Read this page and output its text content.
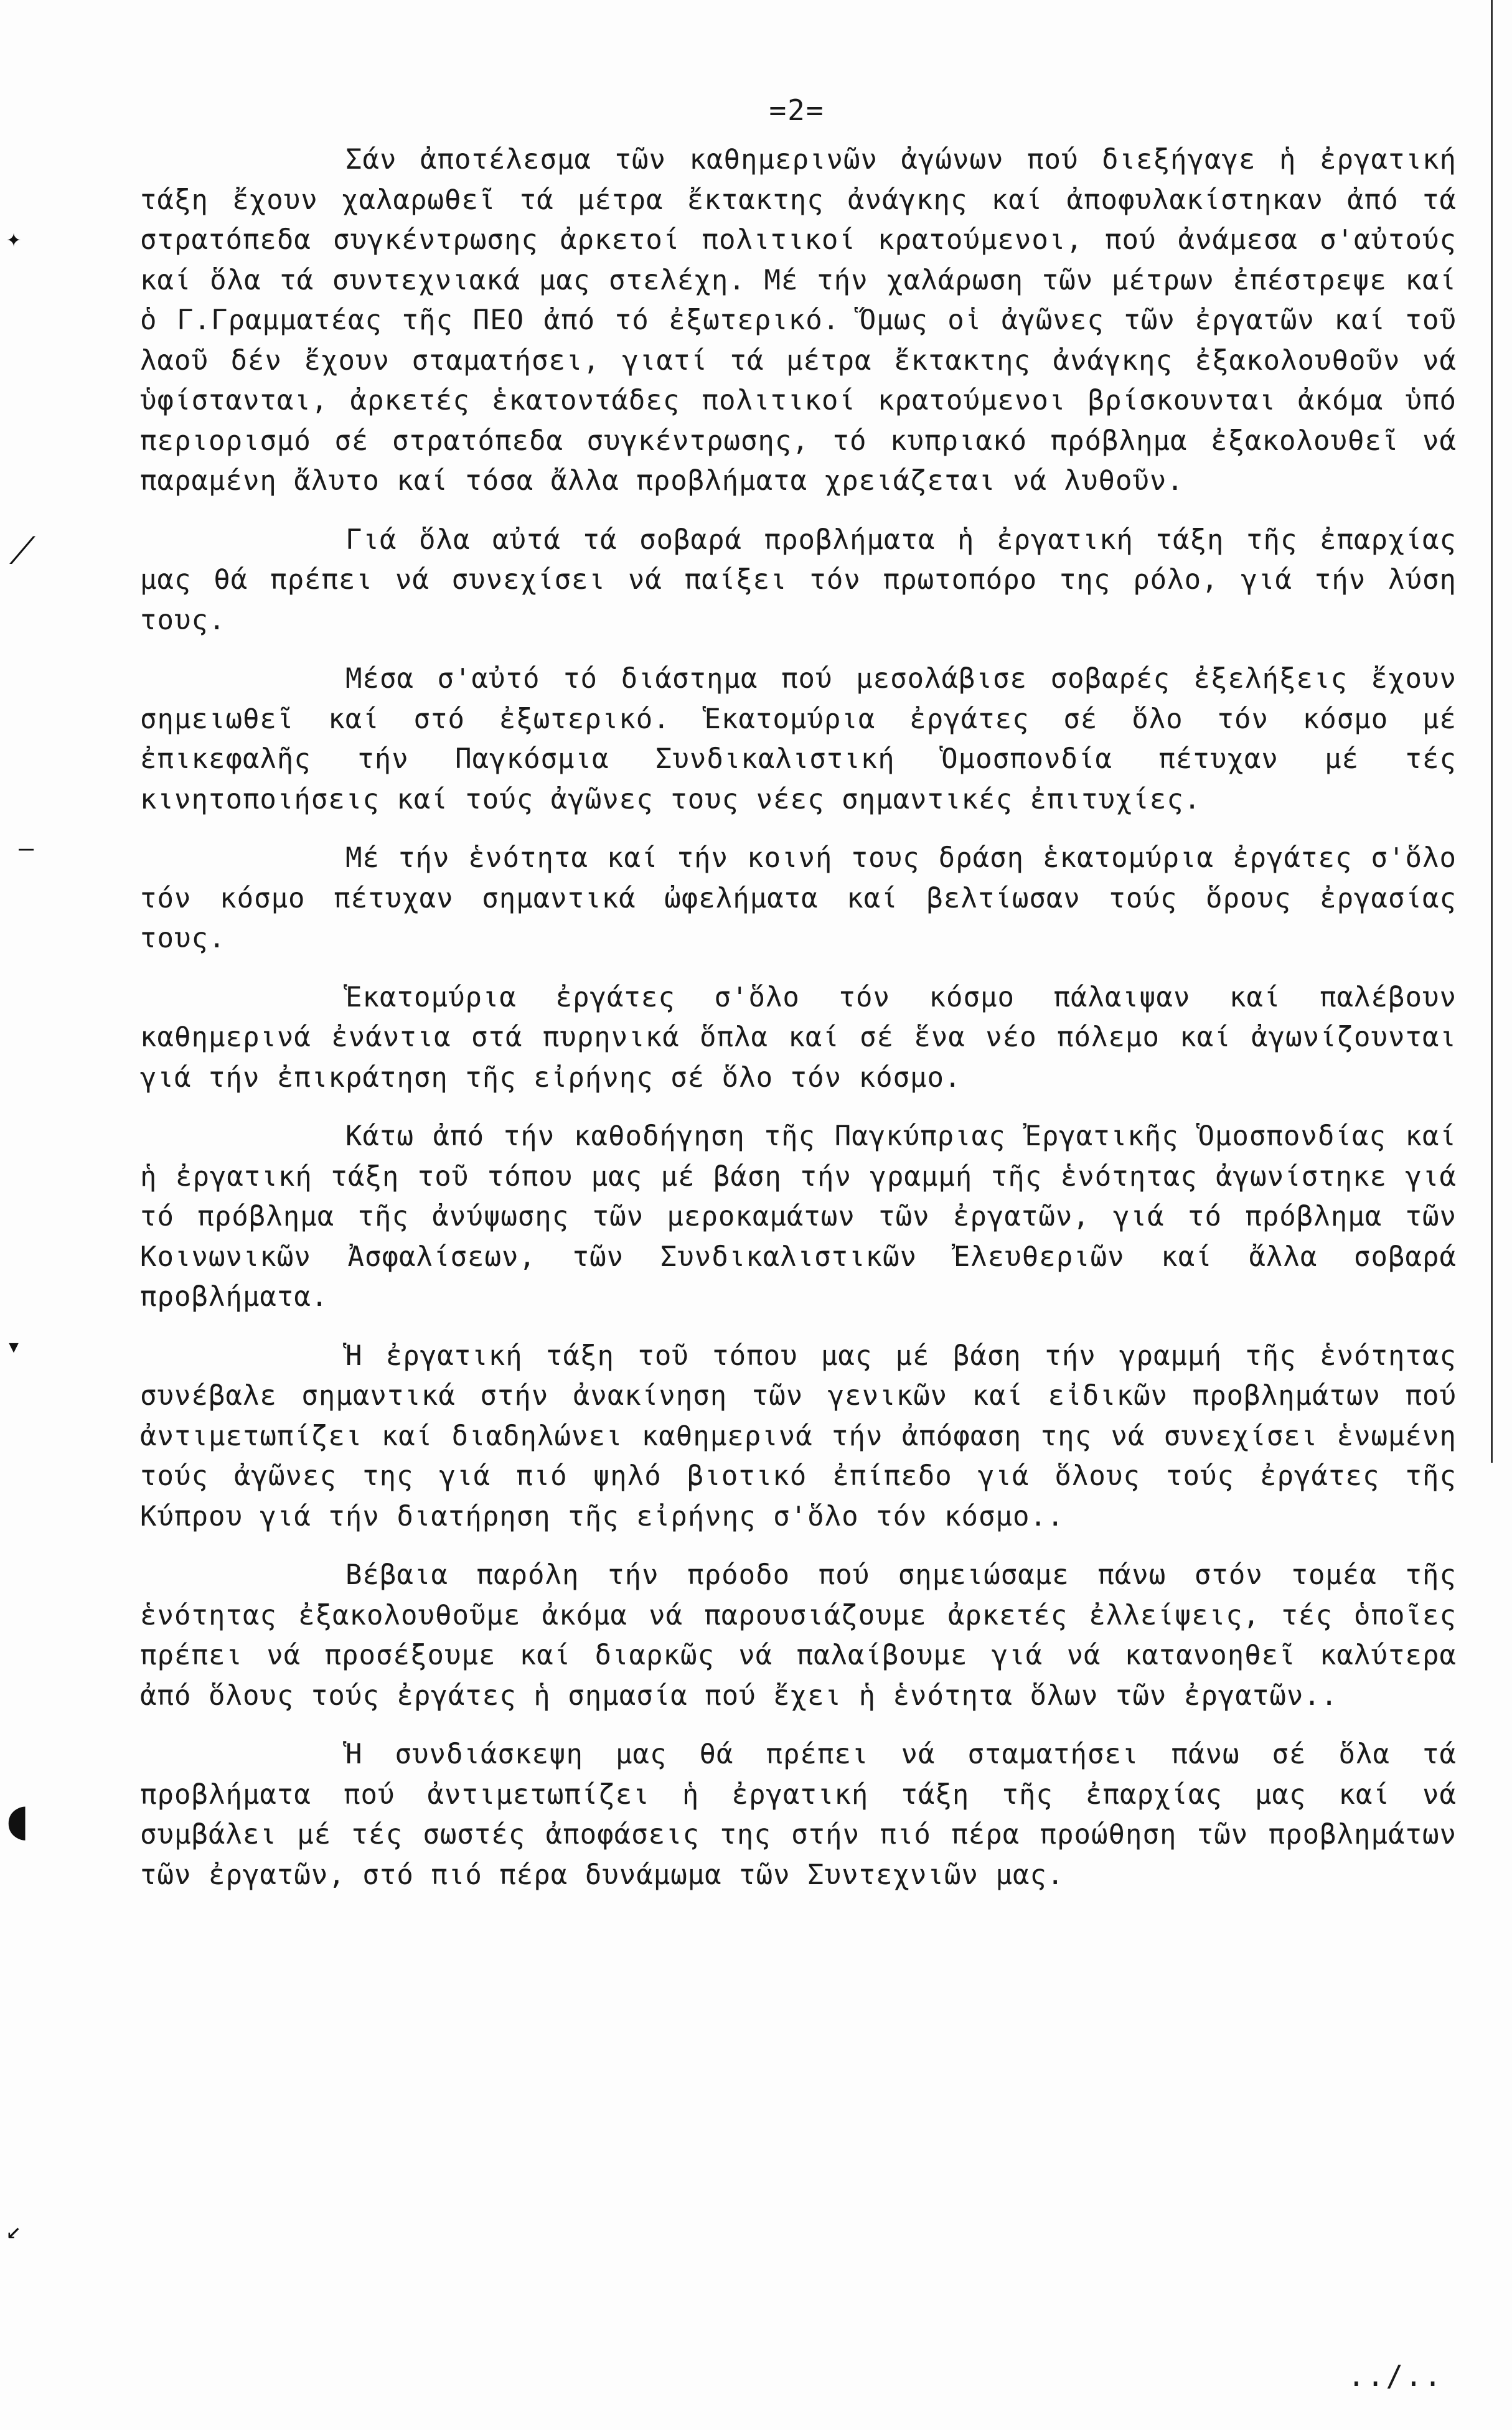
=2=

Σάν ἀποτέλεσμα τῶν καθημερινῶν ἀγώνων πού διεξήγαγε ἡ ἐργατική τάξη ἔχουν χαλαρωθεῖ τά μέτρα ἔκτακτης ἀνάγκης καί ἀποφυλακίστηκαν ἀπό τά στρατόπεδα συγκέντρωσης ἀρκετοί πολιτικοί κρατούμενοι, πού ἀνάμεσα σ'αὐτούς καί ὅλα τά συντεχνιακά μας στελέχη. Μέ τήν χαλάρωση τῶν μέτρων ἐπέστρεψε καί ὁ Γ.Γραμματέας τῆς ΠΕΟ ἀπό τό ἐξωτερικό. Ὅμως οἱ ἀγῶνες τῶν ἐργατῶν καί τοῦ λαοῦ δέν ἔχουν σταματήσει, γιατί τά μέτρα ἔκτακτης ἀνάγκης ἐξακολουθοῦν νά ὑφίστανται, ἀρκετές ἑκατοντάδες πολιτικοί κρατούμενοι βρίσκουνται ἀκόμα ὑπό περιορισμό σέ στρατόπεδα συγκέντρωσης, τό κυπριακό πρόβλημα ἐξακολουθεῖ νά παραμένη ἄλυτο καί τόσα ἄλλα προβλήματα χρειάζεται νά λυθοῦν.

Γιά ὅλα αὐτά τά σοβαρά προβλήματα ἡ ἐργατική τάξη τῆς ἐπαρχίας μας θά πρέπει νά συνεχίσει νά παίξει τόν πρωτοπόρο της ρόλο, γιά τήν λύση τους.

Μέσα σ'αὐτό τό διάστημα πού μεσολάβισε σοβαρές ἐξελήξεις ἔχουν σημειωθεῖ καί στό ἐξωτερικό. Ἑκατομύρια ἐργάτες σέ ὅλο τόν κόσμο μέ ἐπικεφαλῆς τήν Παγκόσμια Συνδικαλιστική Ὁμοσπονδία πέτυχαν μέ τές κινητοποιήσεις καί τούς ἀγῶνες τους νέες σημαντικές ἐπιτυχίες.

Μέ τήν ἑνότητα καί τήν κοινή τους δράση ἑκατομύρια ἐργάτες σ'ὅλο τόν κόσμο πέτυχαν σημαντικά ὠφελήματα καί βελτίωσαν τούς ὅρους ἐργασίας τους.

Ἑκατομύρια ἐργάτες σ'ὅλο τόν κόσμο πάλαιψαν καί παλέβουν καθημερινά ἐνάντια στά πυρηνικά ὅπλα καί σέ ἕνα νέο πόλεμο καί ἀγωνίζουνται γιά τήν ἐπικράτηση τῆς εἰρήνης σέ ὅλο τόν κόσμο.

Κάτω ἀπό τήν καθοδήγηση τῆς Παγκύπριας Ἐργατικῆς Ὁμοσπονδίας καί ἡ ἐργατική τάξη τοῦ τόπου μας μέ βάση τήν γραμμή τῆς ἑνότητας ἀγωνίστηκε γιά τό πρόβλημα τῆς ἀνύψωσης τῶν μεροκαμάτων τῶν ἐργατῶν, γιά τό πρόβλημα τῶν Κοινωνικῶν Ἀσφαλίσεων, τῶν Συνδικαλιστικῶν Ἐλευθεριῶν καί ἄλλα σοβαρά προβλήματα.

Ἡ ἐργατική τάξη τοῦ τόπου μας μέ βάση τήν γραμμή τῆς ἑνότητας συνέβαλε σημαντικά στήν ἀνακίνηση τῶν γενικῶν καί εἰδικῶν προβλημάτων πού ἀντιμετωπίζει καί διαδηλώνει καθημερινά τήν ἀπόφαση της νά συνεχίσει ἑνωμένη τούς ἀγῶνες της γιά πιό ψηλό βιοτικό ἐπίπεδο γιά ὅλους τούς ἐργάτες τῆς Κύπρου γιά τήν διατήρηση τῆς εἰρήνης σ'ὅλο τόν κόσμο..

Βέβαια παρόλη τήν πρόοδο πού σημειώσαμε πάνω στόν τομέα τῆς ἑνότητας ἐξακολουθοῦμε ἀκόμα νά παρουσιάζουμε ἀρκετές ἐλλείψεις, τές ὁποῖες πρέπει νά προσέξουμε καί διαρκῶς νά παλαίβουμε γιά νά κατανοηθεῖ καλύτερα ἀπό ὅλους τούς ἐργάτες ἡ σημασία πού ἔχει ἡ ἑνότητα ὅλων τῶν ἐργατῶν..

Ἡ συνδιάσκεψη μας θά πρέπει νά σταματήσει πάνω σέ ὅλα τά προβλήματα πού ἀντιμετωπίζει ἡ ἐργατική τάξη τῆς ἐπαρχίας μας καί νά συμβάλει μέ τές σωστές ἀποφάσεις της στήν πιό πέρα προώθηση τῶν προβλημάτων τῶν ἐργατῶν, στό πιό πέρα δυνάμωμα τῶν Συντεχνιῶν μας.

../..
✦
⟋
—
▾
◖
↙
